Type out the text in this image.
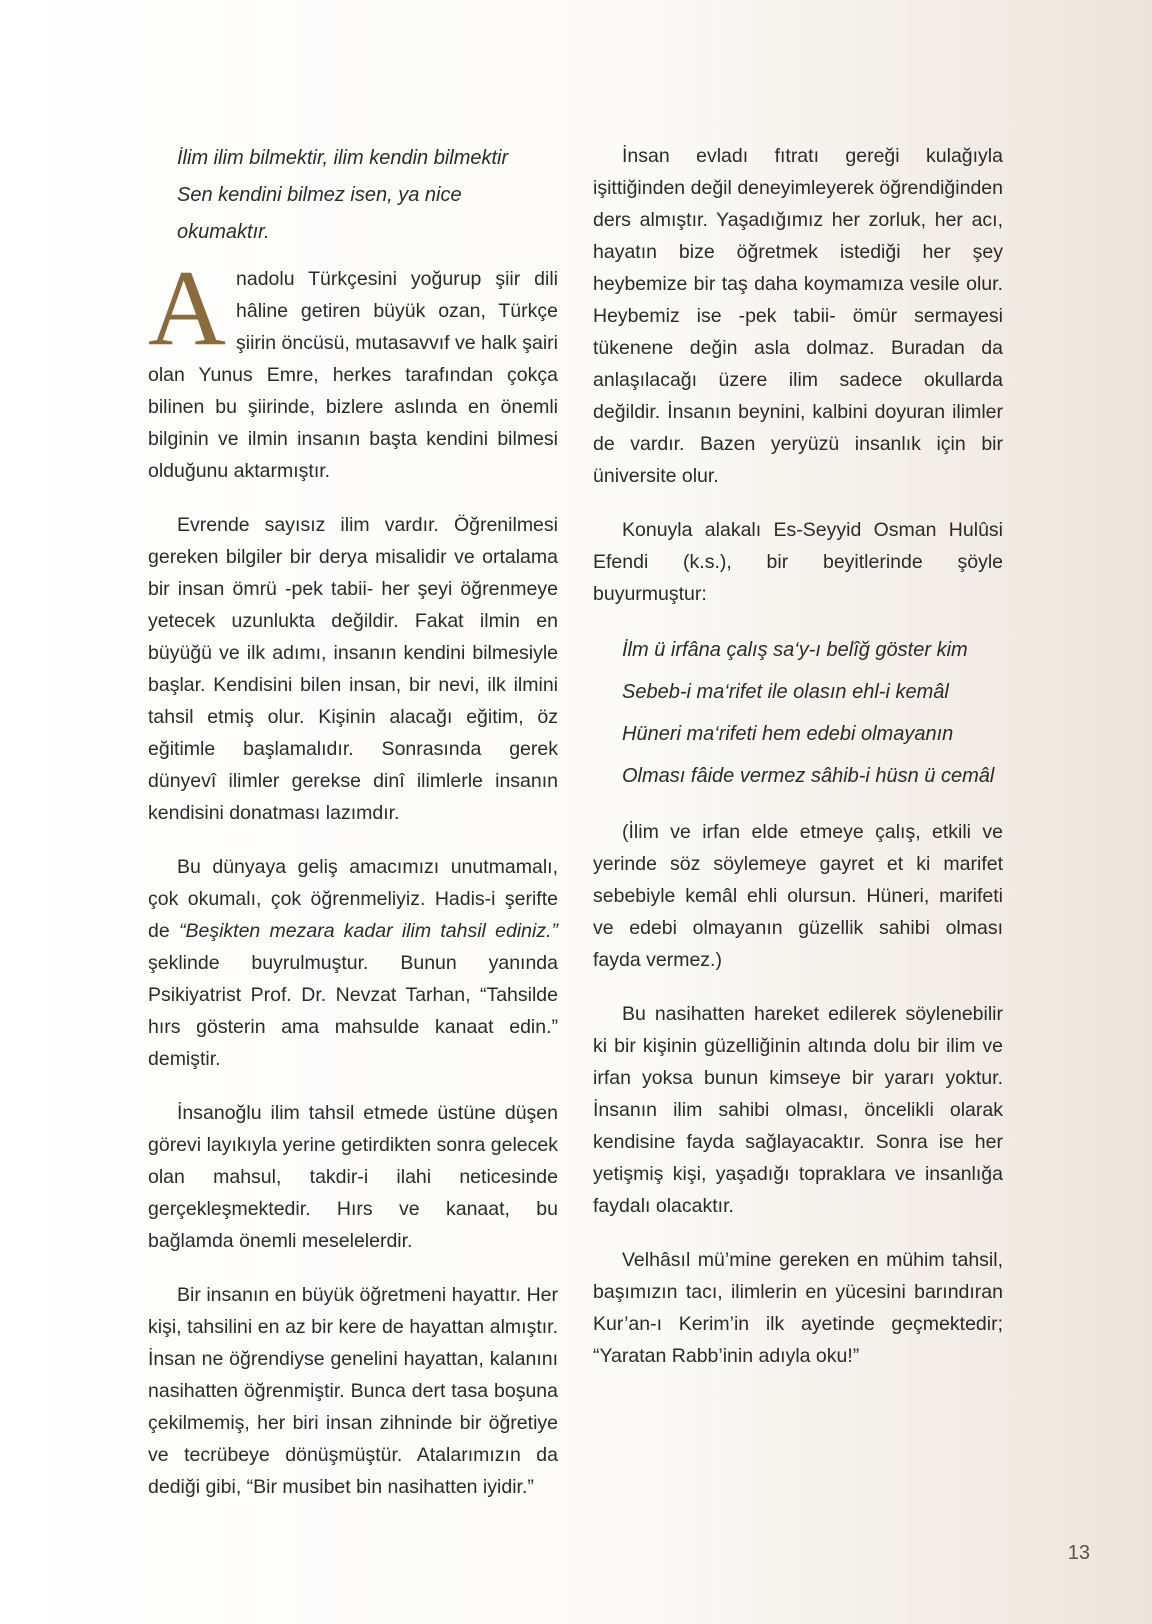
İlim ilim bilmektir, ilim kendin bilmektir

Sen kendini bilmez isen, ya nice okumaktır.

Anadolu Türkçesini yoğurup şiir dili hâline getiren büyük ozan, Türkçe şiirin öncüsü, mutasavvıf ve halk şairi olan Yunus Emre, herkes tarafından çokça bilinen bu şiirinde, bizlere aslında en önemli bilginin ve ilmin insanın başta kendini bilmesi olduğunu aktarmıştır.

Evrende sayısız ilim vardır. Öğrenilmesi gereken bilgiler bir derya misalidir ve ortalama bir insan ömrü -pek tabii- her şeyi öğrenmeye yetecek uzunlukta değildir. Fakat ilmin en büyüğü ve ilk adımı, insanın kendini bilmesiyle başlar. Kendisini bilen insan, bir nevi, ilk ilmini tahsil etmiş olur. Kişinin alacağı eğitim, öz eğitimle başlamalıdır. Sonrasında gerek dünyevî ilimler gerekse dinî ilimlerle insanın kendisini donatması lazımdır.

Bu dünyaya geliş amacımızı unutmamalı, çok okumalı, çok öğrenmeliyiz. Hadis-i şerifte de “Beşikten mezara kadar ilim tahsil ediniz.” şeklinde buyrulmuştur. Bunun yanında Psikiyatrist Prof. Dr. Nevzat Tarhan, “Tahsilde hırs gösterin ama mahsulde kanaat edin.” demiştir.

İnsanoğlu ilim tahsil etmede üstüne düşen görevi layıkıyla yerine getirdikten sonra gelecek olan mahsul, takdir-i ilahi neticesinde gerçekleşmektedir. Hırs ve kanaat, bu bağlamda önemli meselelerdir.

Bir insanın en büyük öğretmeni hayattır. Her kişi, tahsilini en az bir kere de hayattan almıştır. İnsan ne öğrendiyse genelini hayattan, kalanını nasihatten öğrenmiştir. Bunca dert tasa boşuna çekilmemiş, her biri insan zihninde bir öğretiye ve tecrübeye dönüşmüştür. Atalarımızın da dediği gibi, “Bir musibet bin nasihatten iyidir.”

İnsan evladı fıtratı gereği kulağıyla işittiğinden değil deneyimleyerek öğrendiğinden ders almıştır. Yaşadığımız her zorluk, her acı, hayatın bize öğretmek istediği her şey heybemize bir taş daha koymamıza vesile olur. Heybemiz ise -pek tabii- ömür sermayesi tükenene değin asla dolmaz. Buradan da anlaşılacağı üzere ilim sadece okullarda değildir. İnsanın beynini, kalbini doyuran ilimler de vardır. Bazen yeryüzü insanlık için bir üniversite olur.

Konuyla alakalı Es-Seyyid Osman Hulûsi Efendi (k.s.), bir beyitlerinde şöyle buyurmuştur:

İlm ü irfâna çalış sa‘y-ı belîğ göster kim

Sebeb-i ma‘rifet ile olasın ehl-i kemâl

Hüneri ma‘rifeti hem edebi olmayanın

Olması fâide vermez sâhib-i hüsn ü cemâl

(İlim ve irfan elde etmeye çalış, etkili ve yerinde söz söylemeye gayret et ki marifet sebebiyle kemâl ehli olursun. Hüneri, marifeti ve edebi olmayanın güzellik sahibi olması fayda vermez.)

Bu nasihatten hareket edilerek söylenebilir ki bir kişinin güzelliğinin altında dolu bir ilim ve irfan yoksa bunun kimseye bir yararı yoktur. İnsanın ilim sahibi olması, öncelikli olarak kendisine fayda sağlayacaktır. Sonra ise her yetişmiş kişi, yaşadığı topraklara ve insanlığa faydalı olacaktır.

Velhâsıl mü’mine gereken en mühim tahsil, başımızın tacı, ilimlerin en yücesini barındıran Kur’an-ı Kerim’in ilk ayetinde geçmektedir; “Yaratan Rabb’inin adıyla oku!”

13
